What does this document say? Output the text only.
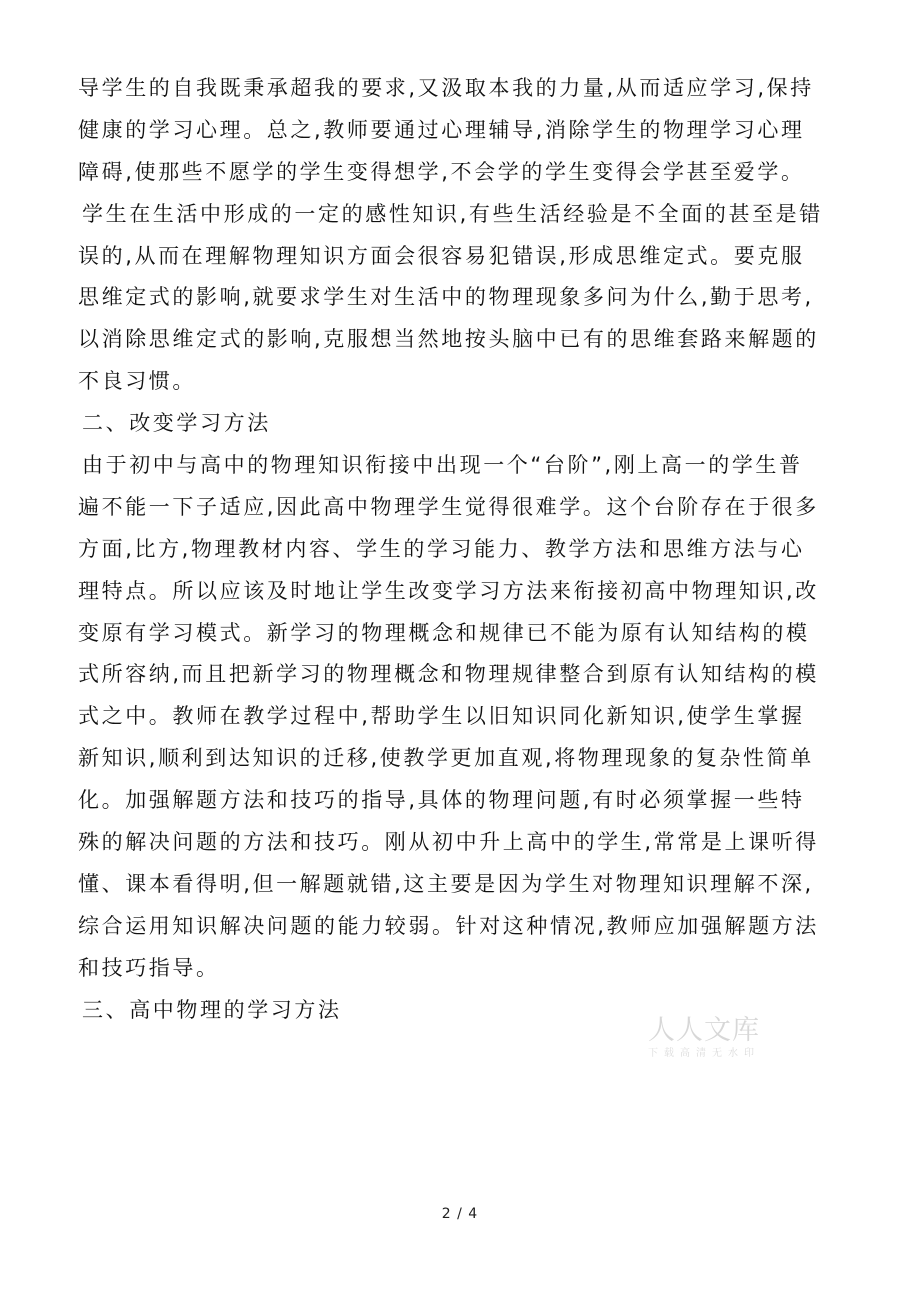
导学生的自我既秉承超我的要求,又汲取本我的力量,从而适应学习,保持
健康的学习心理。总之,教师要通过心理辅导,消除学生的物理学习心理
障碍,使那些不愿学的学生变得想学,不会学的学生变得会学甚至爱学。
学生在生活中形成的一定的感性知识,有些生活经验是不全面的甚至是错
误的,从而在理解物理知识方面会很容易犯错误,形成思维定式。要克服
思维定式的影响,就要求学生对生活中的物理现象多问为什么,勤于思考,
以消除思维定式的影响,克服想当然地按头脑中已有的思维套路来解题的
不良习惯。
二、改变学习方法
由于初中与高中的物理知识衔接中出现一个“台阶”,刚上高一的学生普
遍不能一下子适应,因此高中物理学生觉得很难学。这个台阶存在于很多
方面,比方,物理教材内容、学生的学习能力、教学方法和思维方法与心
理特点。所以应该及时地让学生改变学习方法来衔接初高中物理知识,改
变原有学习模式。新学习的物理概念和规律已不能为原有认知结构的模
式所容纳,而且把新学习的物理概念和物理规律整合到原有认知结构的模
式之中。教师在教学过程中,帮助学生以旧知识同化新知识,使学生掌握
新知识,顺利到达知识的迁移,使教学更加直观,将物理现象的复杂性简单
化。加强解题方法和技巧的指导,具体的物理问题,有时必须掌握一些特
殊的解决问题的方法和技巧。刚从初中升上高中的学生,常常是上课听得
懂、课本看得明,但一解题就错,这主要是因为学生对物理知识理解不深,
综合运用知识解决问题的能力较弱。针对这种情况,教师应加强解题方法
和技巧指导。
三、高中物理的学习方法
人人文库
下载高清无水印
2 / 4
